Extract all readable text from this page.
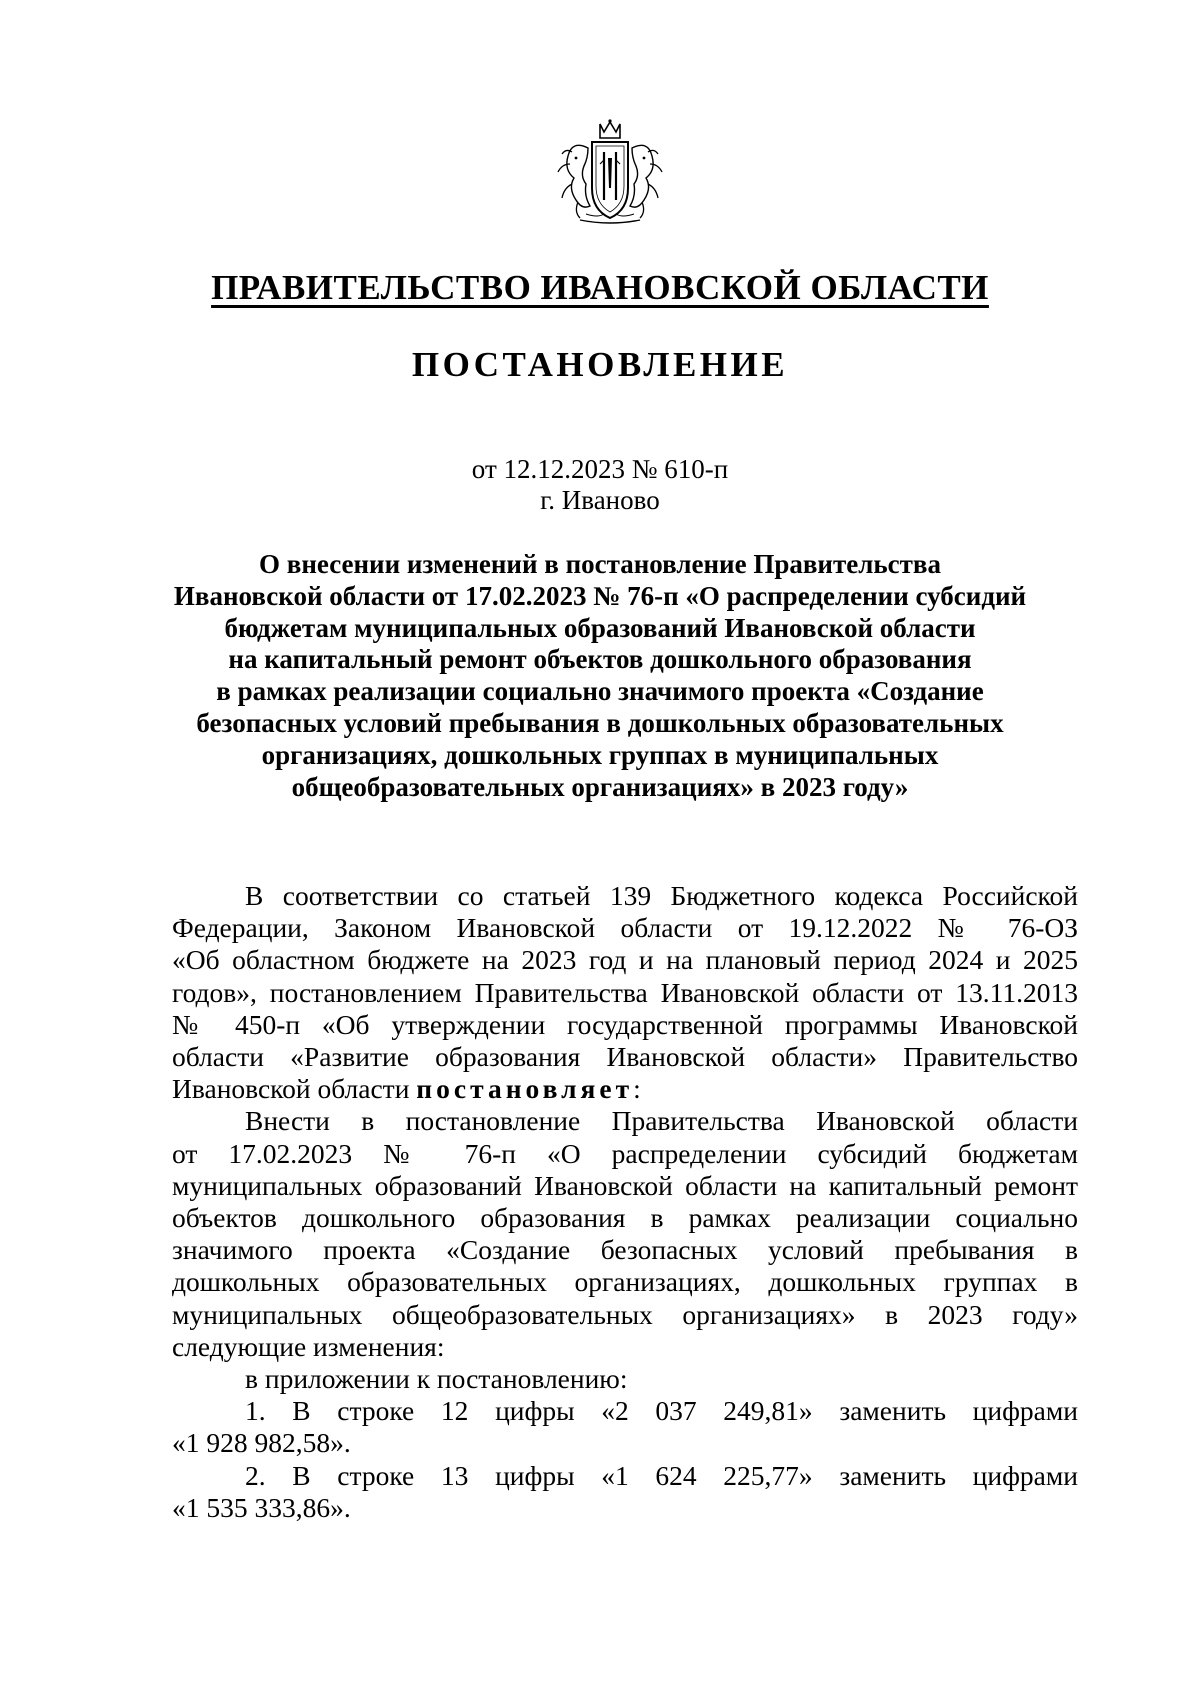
ПРАВИТЕЛЬСТВО ИВАНОВСКОЙ ОБЛАСТИ
ПОСТАНОВЛЕНИЕ
от 12.12.2023 № 610-п
г. Иваново
О внесении изменений в постановление Правительства
Ивановской области от 17.02.2023 № 76-п «О распределении субсидий
бюджетам муниципальных образований Ивановской области
на капитальный ремонт объектов дошкольного образования
в рамках реализации социально значимого проекта «Создание
безопасных условий пребывания в дошкольных образовательных
организациях, дошкольных группах в муниципальных
общеобразовательных организациях» в 2023 году»
В соответствии со статьей 139 Бюджетного кодекса Российской
Федерации, Законом Ивановской области от 19.12.2022 № 76-ОЗ
«Об областном бюджете на 2023 год и на плановый период 2024 и 2025
годов», постановлением Правительства Ивановской области от 13.11.2013
№ 450-п «Об утверждении государственной программы Ивановской
области «Развитие образования Ивановской области» Правительство
Ивановской области постановляет:
Внести в постановление Правительства Ивановской области
от 17.02.2023 № 76-п «О распределении субсидий бюджетам
муниципальных образований Ивановской области на капитальный ремонт
объектов дошкольного образования в рамках реализации социально
значимого проекта «Создание безопасных условий пребывания в
дошкольных образовательных организациях, дошкольных группах в
муниципальных общеобразовательных организациях» в 2023 году»
следующие изменения:
в приложении к постановлению:
1. В строке 12 цифры «2 037 249,81» заменить цифрами
«1 928 982,58».
2. В строке 13 цифры «1 624 225,77» заменить цифрами
«1 535 333,86».
